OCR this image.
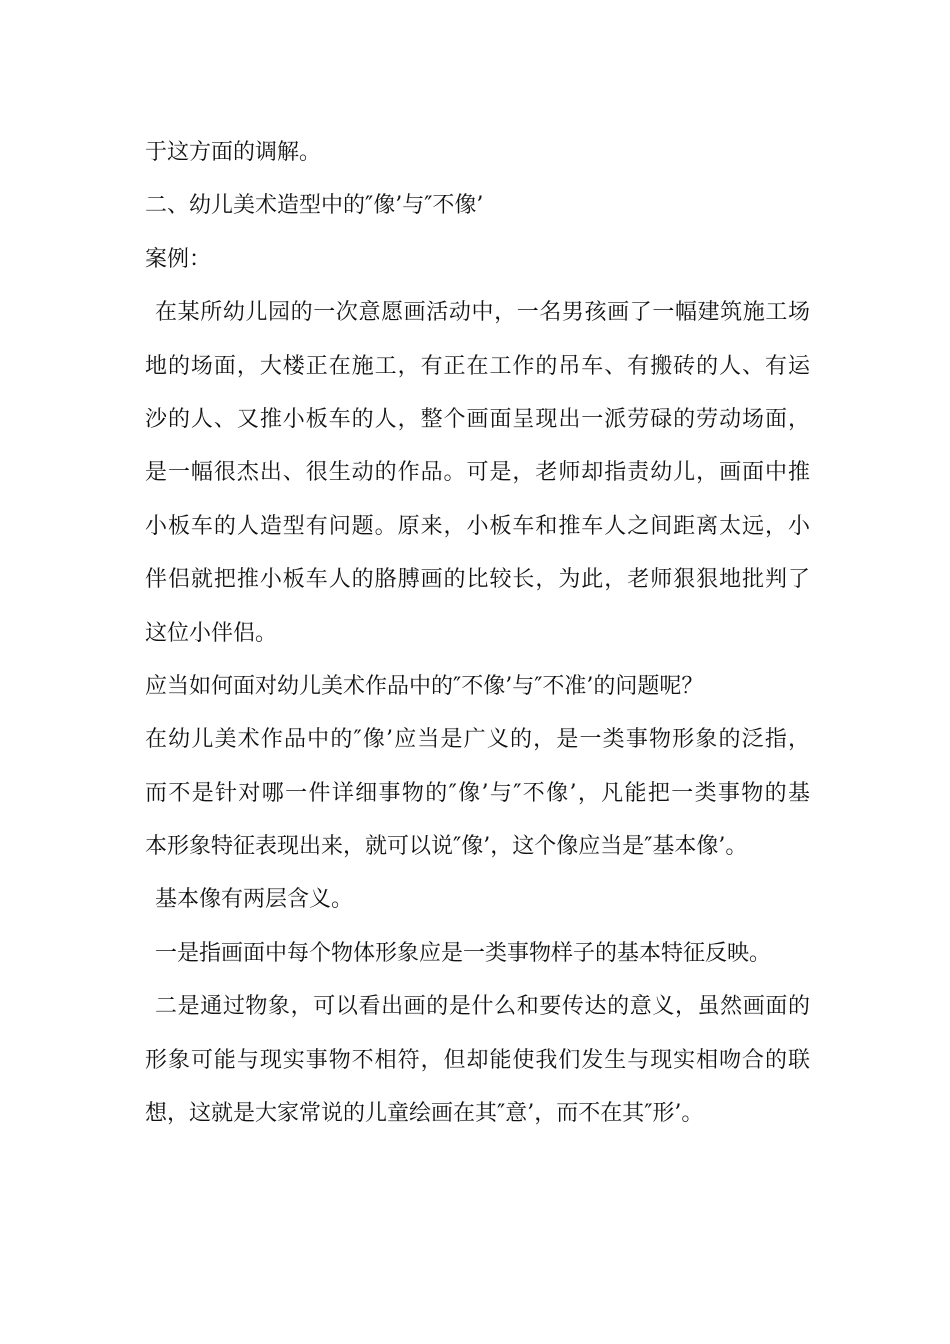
于这方面的调解。
二、幼儿美术造型中的″像’与″不像’
案例：
在某所幼儿园的一次意愿画活动中，一名男孩画了一幅建筑施工场
地的场面，大楼正在施工，有正在工作的吊车、有搬砖的人、有运
沙的人、又推小板车的人，整个画面呈现出一派劳碌的劳动场面，
是一幅很杰出、很生动的作品。可是，老师却指责幼儿，画面中推
小板车的人造型有问题。原来，小板车和推车人之间距离太远，小
伴侣就把推小板车人的胳膊画的比较长，为此，老师狠狠地批判了
这位小伴侣。
应当如何面对幼儿美术作品中的″不像’与″不准’的问题呢？
在幼儿美术作品中的″像’应当是广义的，是一类事物形象的泛指，
而不是针对哪一件详细事物的″像’与″不像’，凡能把一类事物的基
本形象特征表现出来，就可以说″像’，这个像应当是″基本像’。
基本像有两层含义。
一是指画面中每个物体形象应是一类事物样子的基本特征反映。
二是通过物象，可以看出画的是什么和要传达的意义，虽然画面的
形象可能与现实事物不相符，但却能使我们发生与现实相吻合的联
想，这就是大家常说的儿童绘画在其″意’，而不在其″形’。
